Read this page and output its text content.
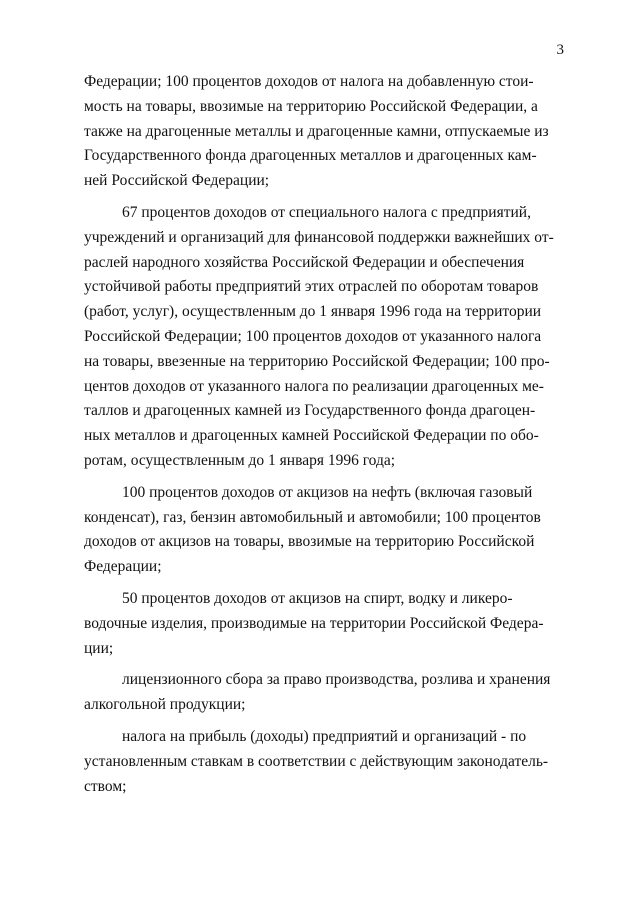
3
Федерации; 100 процентов доходов от налога на добавленную стои-
мость на товары, ввозимые на территорию Российской Федерации, а
также на драгоценные металлы и драгоценные камни, отпускаемые из
Государственного фонда драгоценных металлов и драгоценных кам-
ней Российской Федерации;
67 процентов доходов от специального налога с предприятий,
учреждений и организаций для финансовой поддержки важнейших от-
раслей народного хозяйства Российской Федерации и обеспечения
устойчивой работы предприятий этих отраслей по оборотам товаров
(работ, услуг), осуществленным до 1 января 1996 года на территории
Российской Федерации; 100 процентов доходов от указанного налога
на товары, ввезенные на территорию Российской Федерации; 100 про-
центов доходов от указанного налога по реализации драгоценных ме-
таллов и драгоценных камней из Государственного фонда драгоцен-
ных металлов и драгоценных камней Российской Федерации по обо-
ротам, осуществленным до 1 января 1996 года;
100 процентов доходов от акцизов на нефть (включая газовый
конденсат), газ, бензин автомобильный и автомобили; 100 процентов
доходов от акцизов на товары, ввозимые на территорию Российской
Федерации;
50 процентов доходов от акцизов на спирт, водку и ликеро-
водочные изделия, производимые на территории Российской Федера-
ции;
лицензионного сбора за право производства, розлива и хранения
алкогольной продукции;
налога на прибыль (доходы) предприятий и организаций - по
установленным ставкам в соответствии с действующим законодатель-
ством;
